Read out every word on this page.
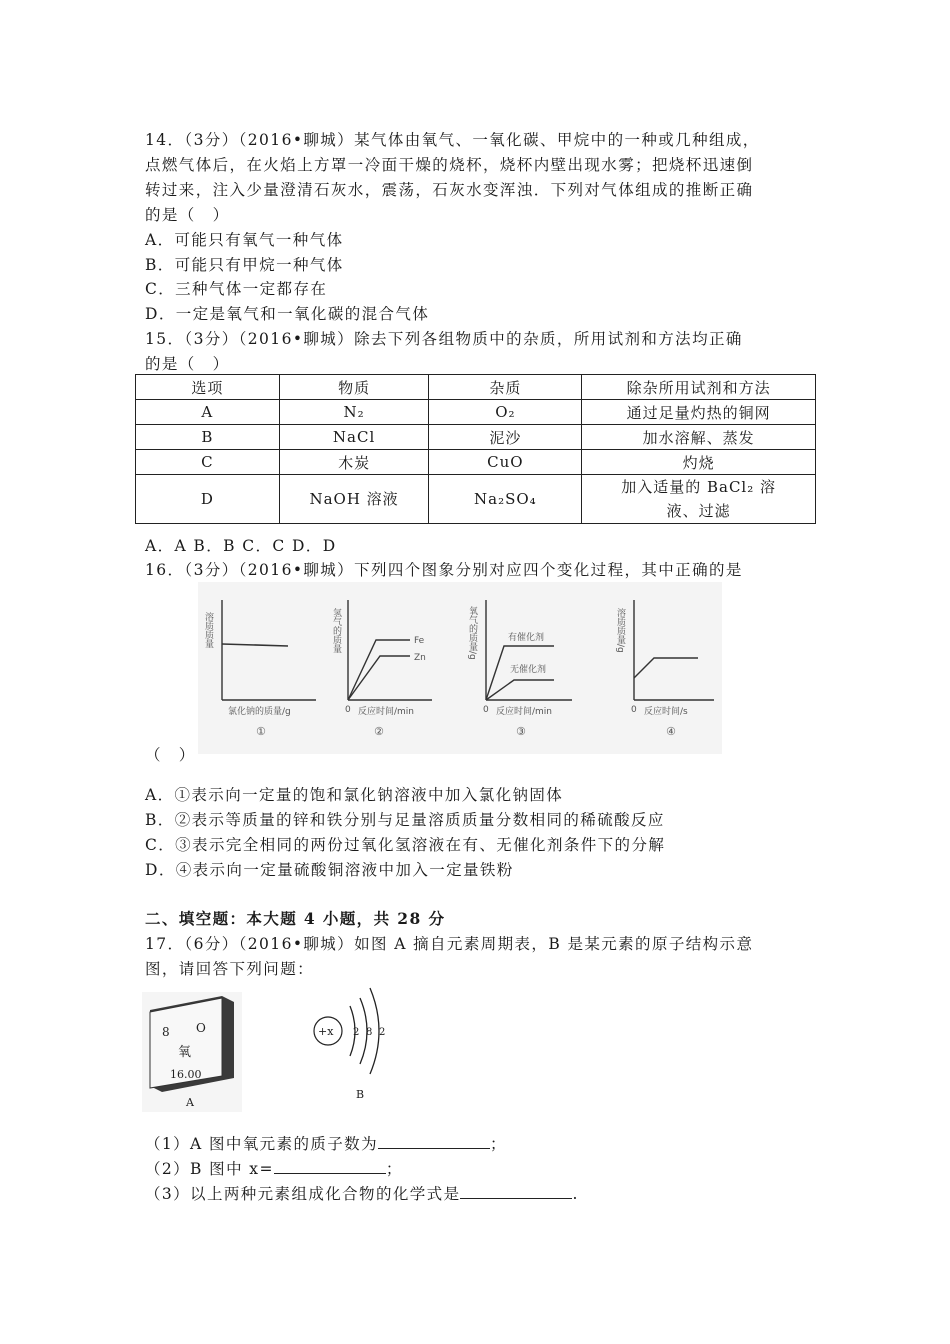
14．（3分）（2016•聊城）某气体由氧气、一氧化碳、甲烷中的一种或几种组成，
点燃气体后，在火焰上方罩一冷面干燥的烧杯，烧杯内壁出现水雾；把烧杯迅速倒
转过来，注入少量澄清石灰水，震荡，石灰水变浑浊．下列对气体组成的推断正确
的是（　）
A．可能只有氧气一种气体
B．可能只有甲烷一种气体
C．三种气体一定都存在
D．一定是氧气和一氧化碳的混合气体
15．（3分）（2016•聊城）除去下列各组物质中的杂质，所用试剂和方法均正确
的是（　）
选项	物质	杂质	除杂所用试剂和方法
A	N₂	O₂	通过足量灼热的铜网
B	NaCl	泥沙	加水溶解、蒸发
C	木炭	CuO	灼烧
D	NaOH 溶液	Na₂SO₄	加入适量的 BaCl₂ 溶液、过滤
A．A B．B C．C D．D
16．（3分）（2016•聊城）下列四个图象分别对应四个变化过程，其中正确的是
溶质质量
氯化钠的质量/g
①
Fe
Zn
氢气的质量
0 反应时间/min
②
有催化剂
无催化剂
氧气的质量/g
0 反应时间/min
③
溶质质量/g
0 反应时间/s
④
（　）
A．①表示向一定量的饱和氯化钠溶液中加入氯化钠固体
B．②表示等质量的锌和铁分别与足量溶质质量分数相同的稀硫酸反应
C．③表示完全相同的两份过氧化氢溶液在有、无催化剂条件下的分解
D．④表示向一定量硫酸铜溶液中加入一定量铁粉
二、填空题：本大题 4 小题，共 28 分
17．（6分）（2016•聊城）如图 A 摘自元素周期表，B 是某元素的原子结构示意
图，请回答下列问题：
8 O
氧
16.00
A
+x 2 8 2
B
（1）A 图中氧元素的质子数为	；
（2）B 图中 x=	；
（3）以上两种元素组成化合物的化学式是	.
